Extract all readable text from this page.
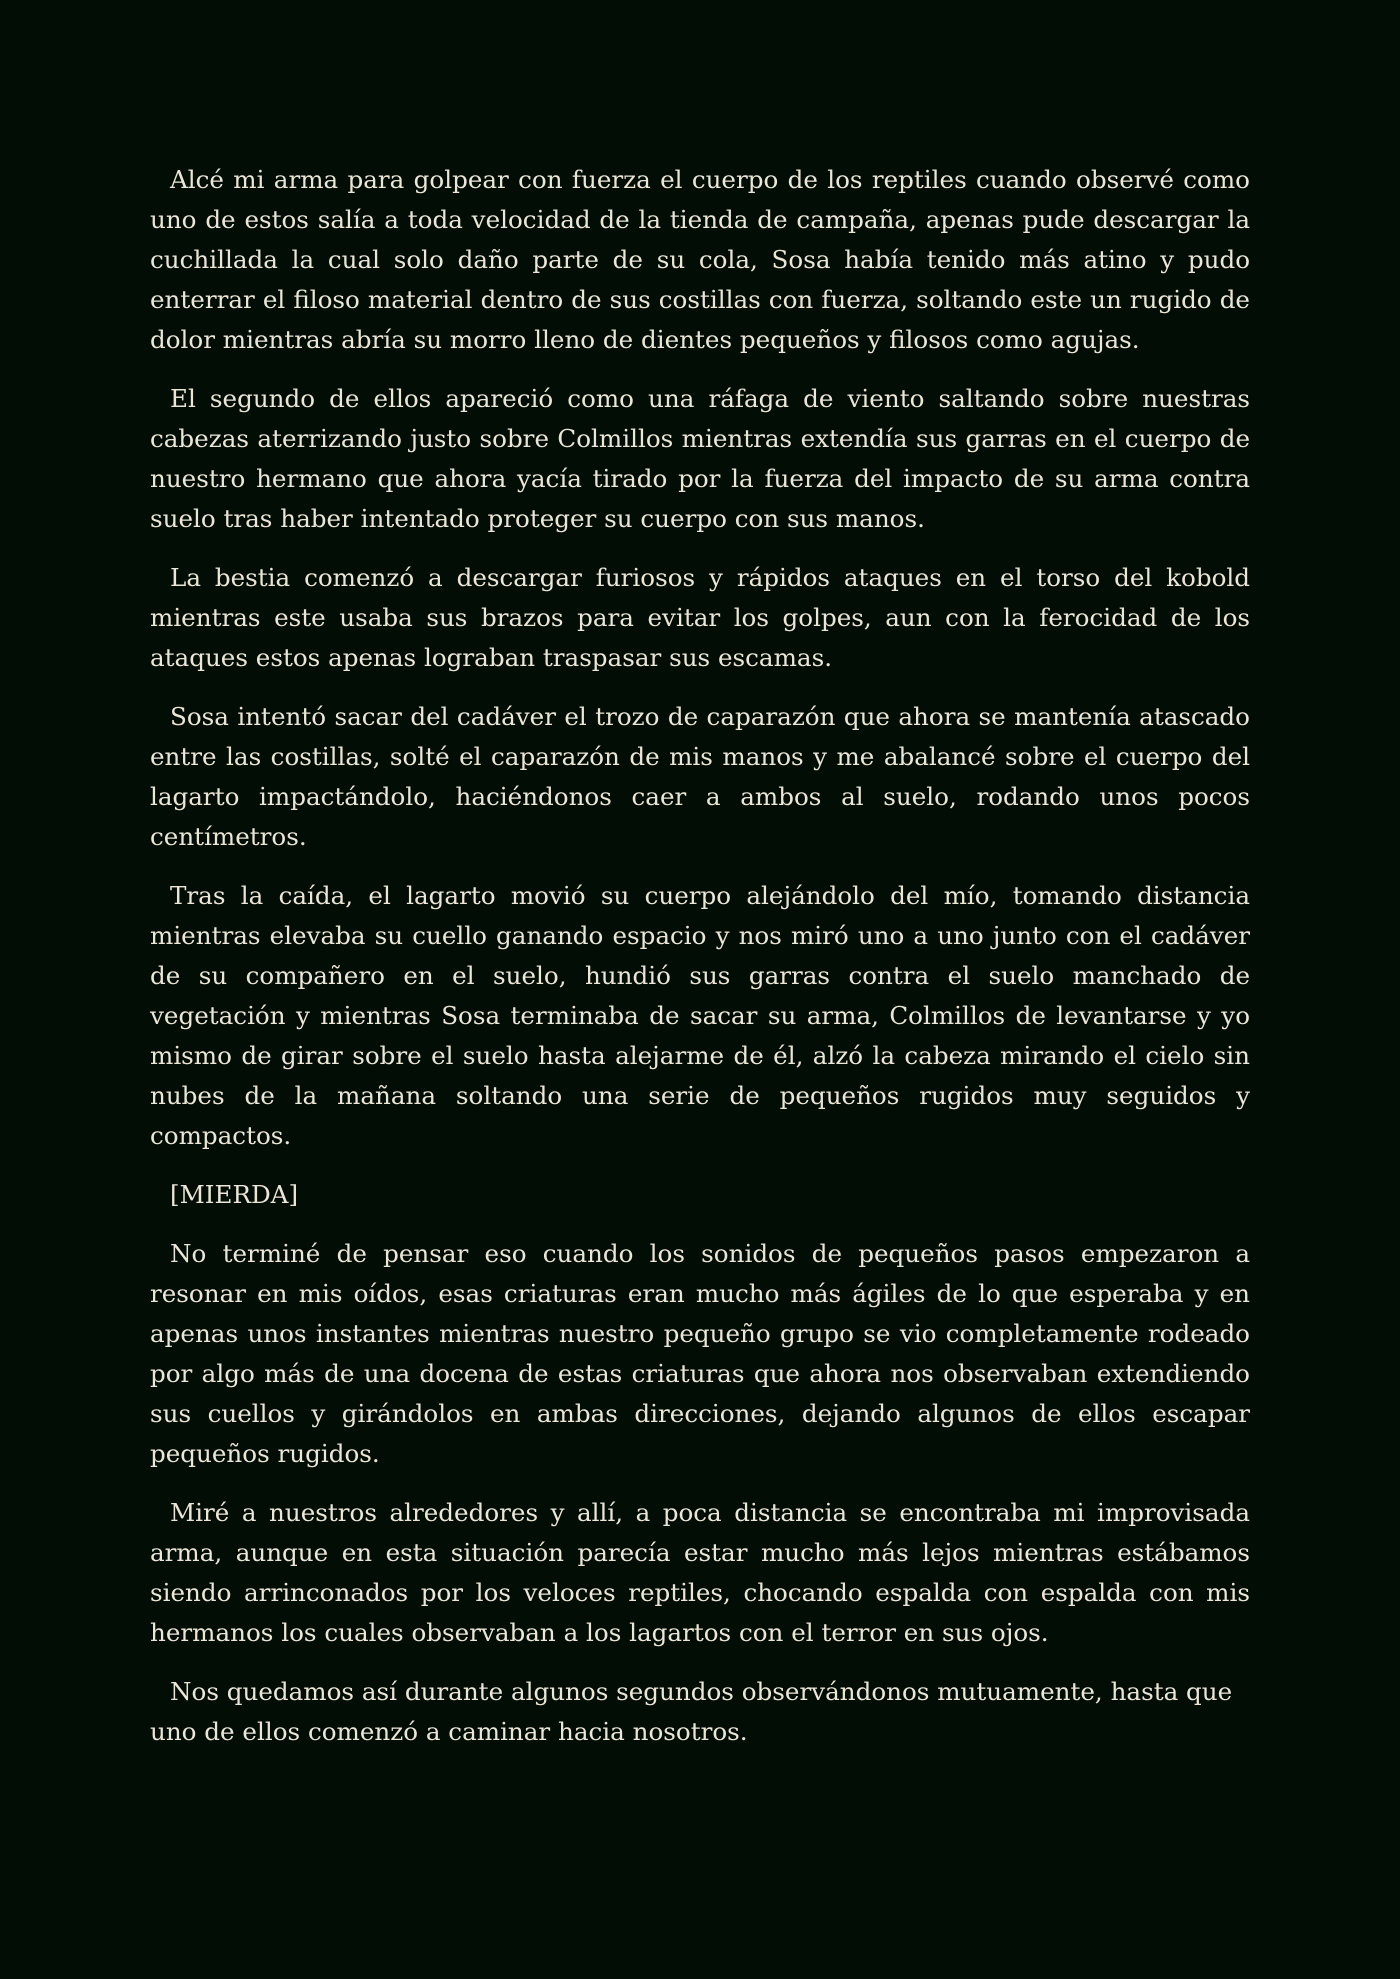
Alcé mi arma para golpear con fuerza el cuerpo de los reptiles cuando observé como uno de estos salía a toda velocidad de la tienda de campaña, apenas pude descargar la cuchillada la cual solo daño parte de su cola, Sosa había tenido más atino y pudo enterrar el filoso material dentro de sus costillas con fuerza, soltando este un rugido de dolor mientras abría su morro lleno de dientes pequeños y filosos como agujas.

El segundo de ellos apareció como una ráfaga de viento saltando sobre nuestras cabezas aterrizando justo sobre Colmillos mientras extendía sus garras en el cuerpo de nuestro hermano que ahora yacía tirado por la fuerza del impacto de su arma contra suelo tras haber intentado proteger su cuerpo con sus manos.

La bestia comenzó a descargar furiosos y rápidos ataques en el torso del kobold mientras este usaba sus brazos para evitar los golpes, aun con la ferocidad de los ataques estos apenas lograban traspasar sus escamas.

Sosa intentó sacar del cadáver el trozo de caparazón que ahora se mantenía atascado entre las costillas, solté el caparazón de mis manos y me abalancé sobre el cuerpo del lagarto impactándolo, haciéndonos caer a ambos al suelo, rodando unos pocos centímetros.

Tras la caída, el lagarto movió su cuerpo alejándolo del mío, tomando distancia mientras elevaba su cuello ganando espacio y nos miró uno a uno junto con el cadáver de su compañero en el suelo, hundió sus garras contra el suelo manchado de vegetación y mientras Sosa terminaba de sacar su arma, Colmillos de levantarse y yo mismo de girar sobre el suelo hasta alejarme de él, alzó la cabeza mirando el cielo sin nubes de la mañana soltando una serie de pequeños rugidos muy seguidos y compactos.

[MIERDA]

No terminé de pensar eso cuando los sonidos de pequeños pasos empezaron a resonar en mis oídos, esas criaturas eran mucho más ágiles de lo que esperaba y en apenas unos instantes mientras nuestro pequeño grupo se vio completamente rodeado por algo más de una docena de estas criaturas que ahora nos observaban extendiendo sus cuellos y girándolos en ambas direcciones, dejando algunos de ellos escapar pequeños rugidos.

Miré a nuestros alrededores y allí, a poca distancia se encontraba mi improvisada arma, aunque en esta situación parecía estar mucho más lejos mientras estábamos siendo arrinconados por los veloces reptiles, chocando espalda con espalda con mis hermanos los cuales observaban a los lagartos con el terror en sus ojos.

Nos quedamos así durante algunos segundos observándonos mutuamente, hasta que uno de ellos comenzó a caminar hacia nosotros.
